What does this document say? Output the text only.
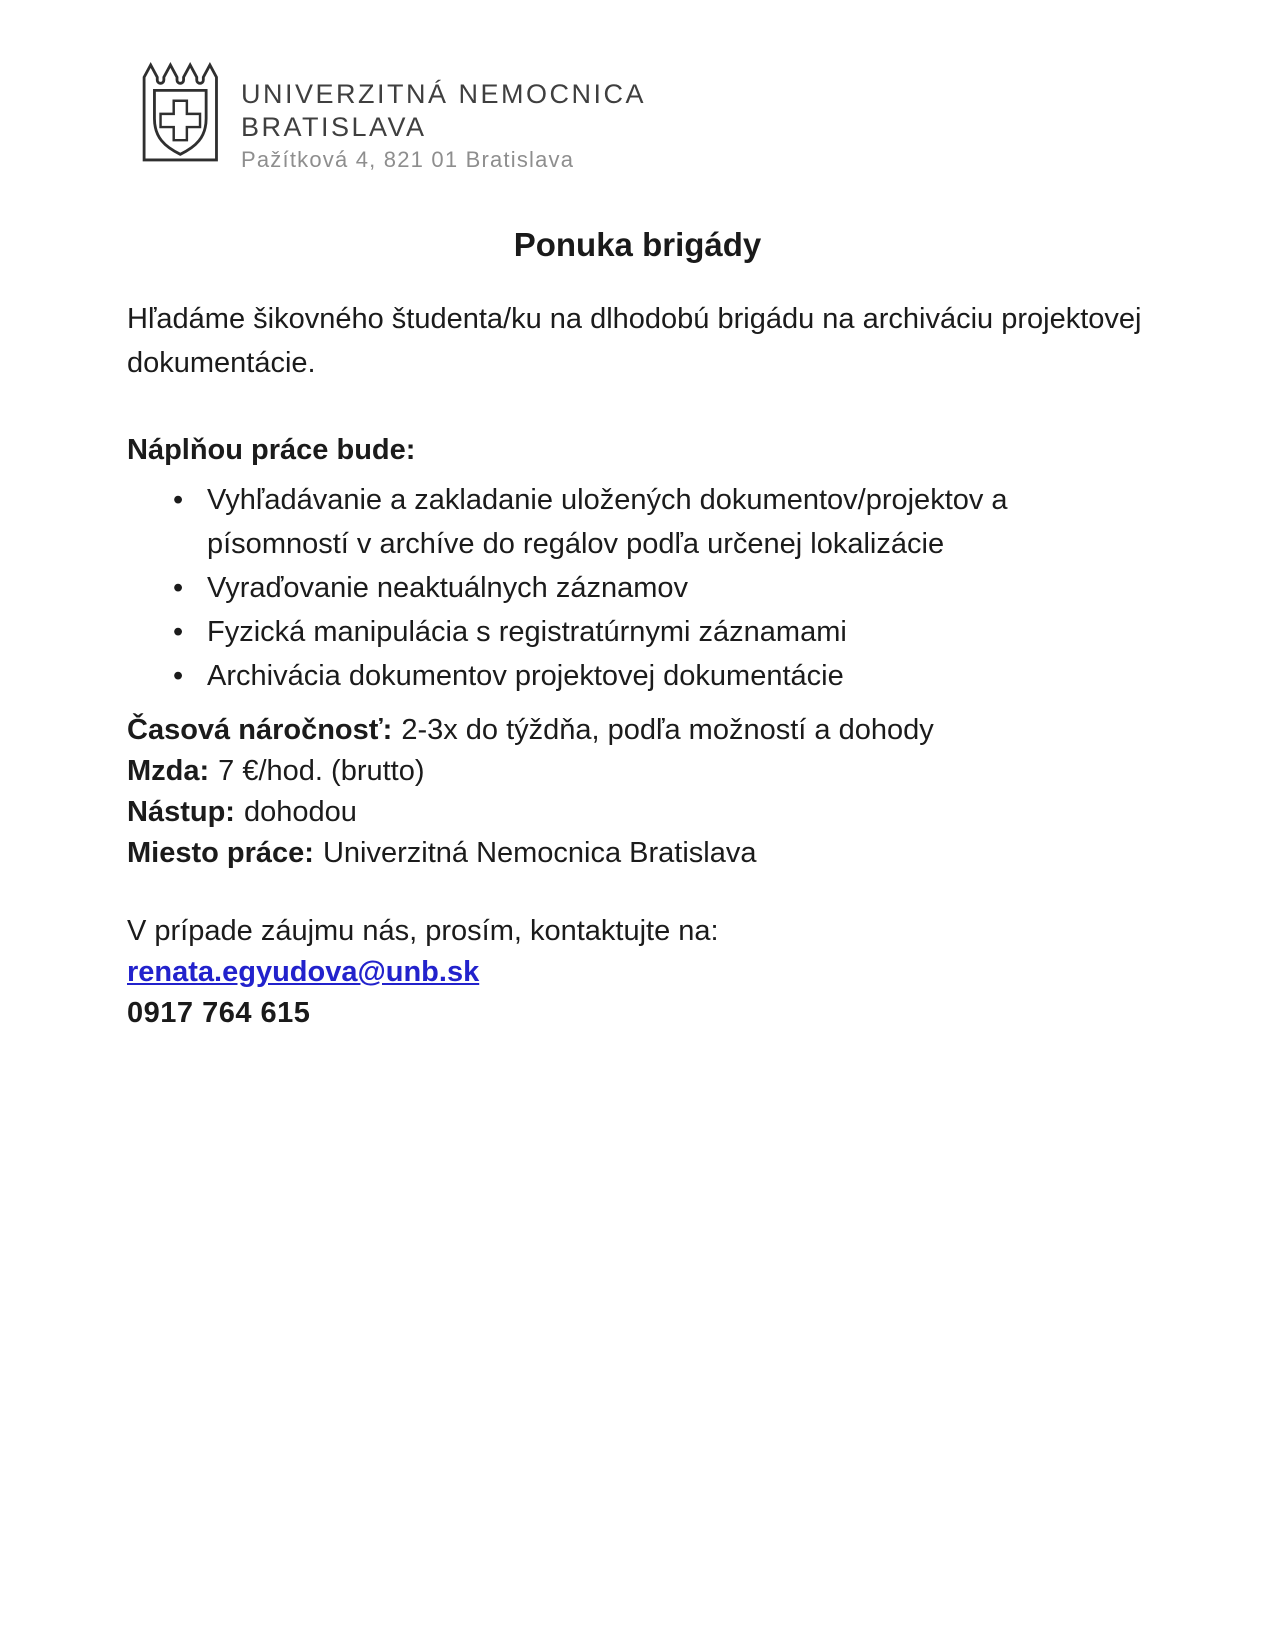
UNIVERZITNÁ NEMOCNICA
BRATISLAVA
Pažítková 4, 821 01 Bratislava
Ponuka brigády
Hľadáme šikovného študenta/ku na dlhodobú brigádu na archiváciu projektovej dokumentácie.
Náplňou práce bude:
• Vyhľadávanie a zakladanie uložených dokumentov/projektov a písomností v archíve do regálov podľa určenej lokalizácie
• Vyraďovanie neaktuálnych záznamov
• Fyzická manipulácia s registratúrnymi záznamami
• Archivácia dokumentov projektovej dokumentácie
Časová náročnosť: 2-3x do týždňa, podľa možností a dohody
Mzda: 7 €/hod. (brutto)
Nástup: dohodou
Miesto práce: Univerzitná Nemocnica Bratislava
V prípade záujmu nás, prosím, kontaktujte na:
renata.egyudova@unb.sk
0917 764 615
